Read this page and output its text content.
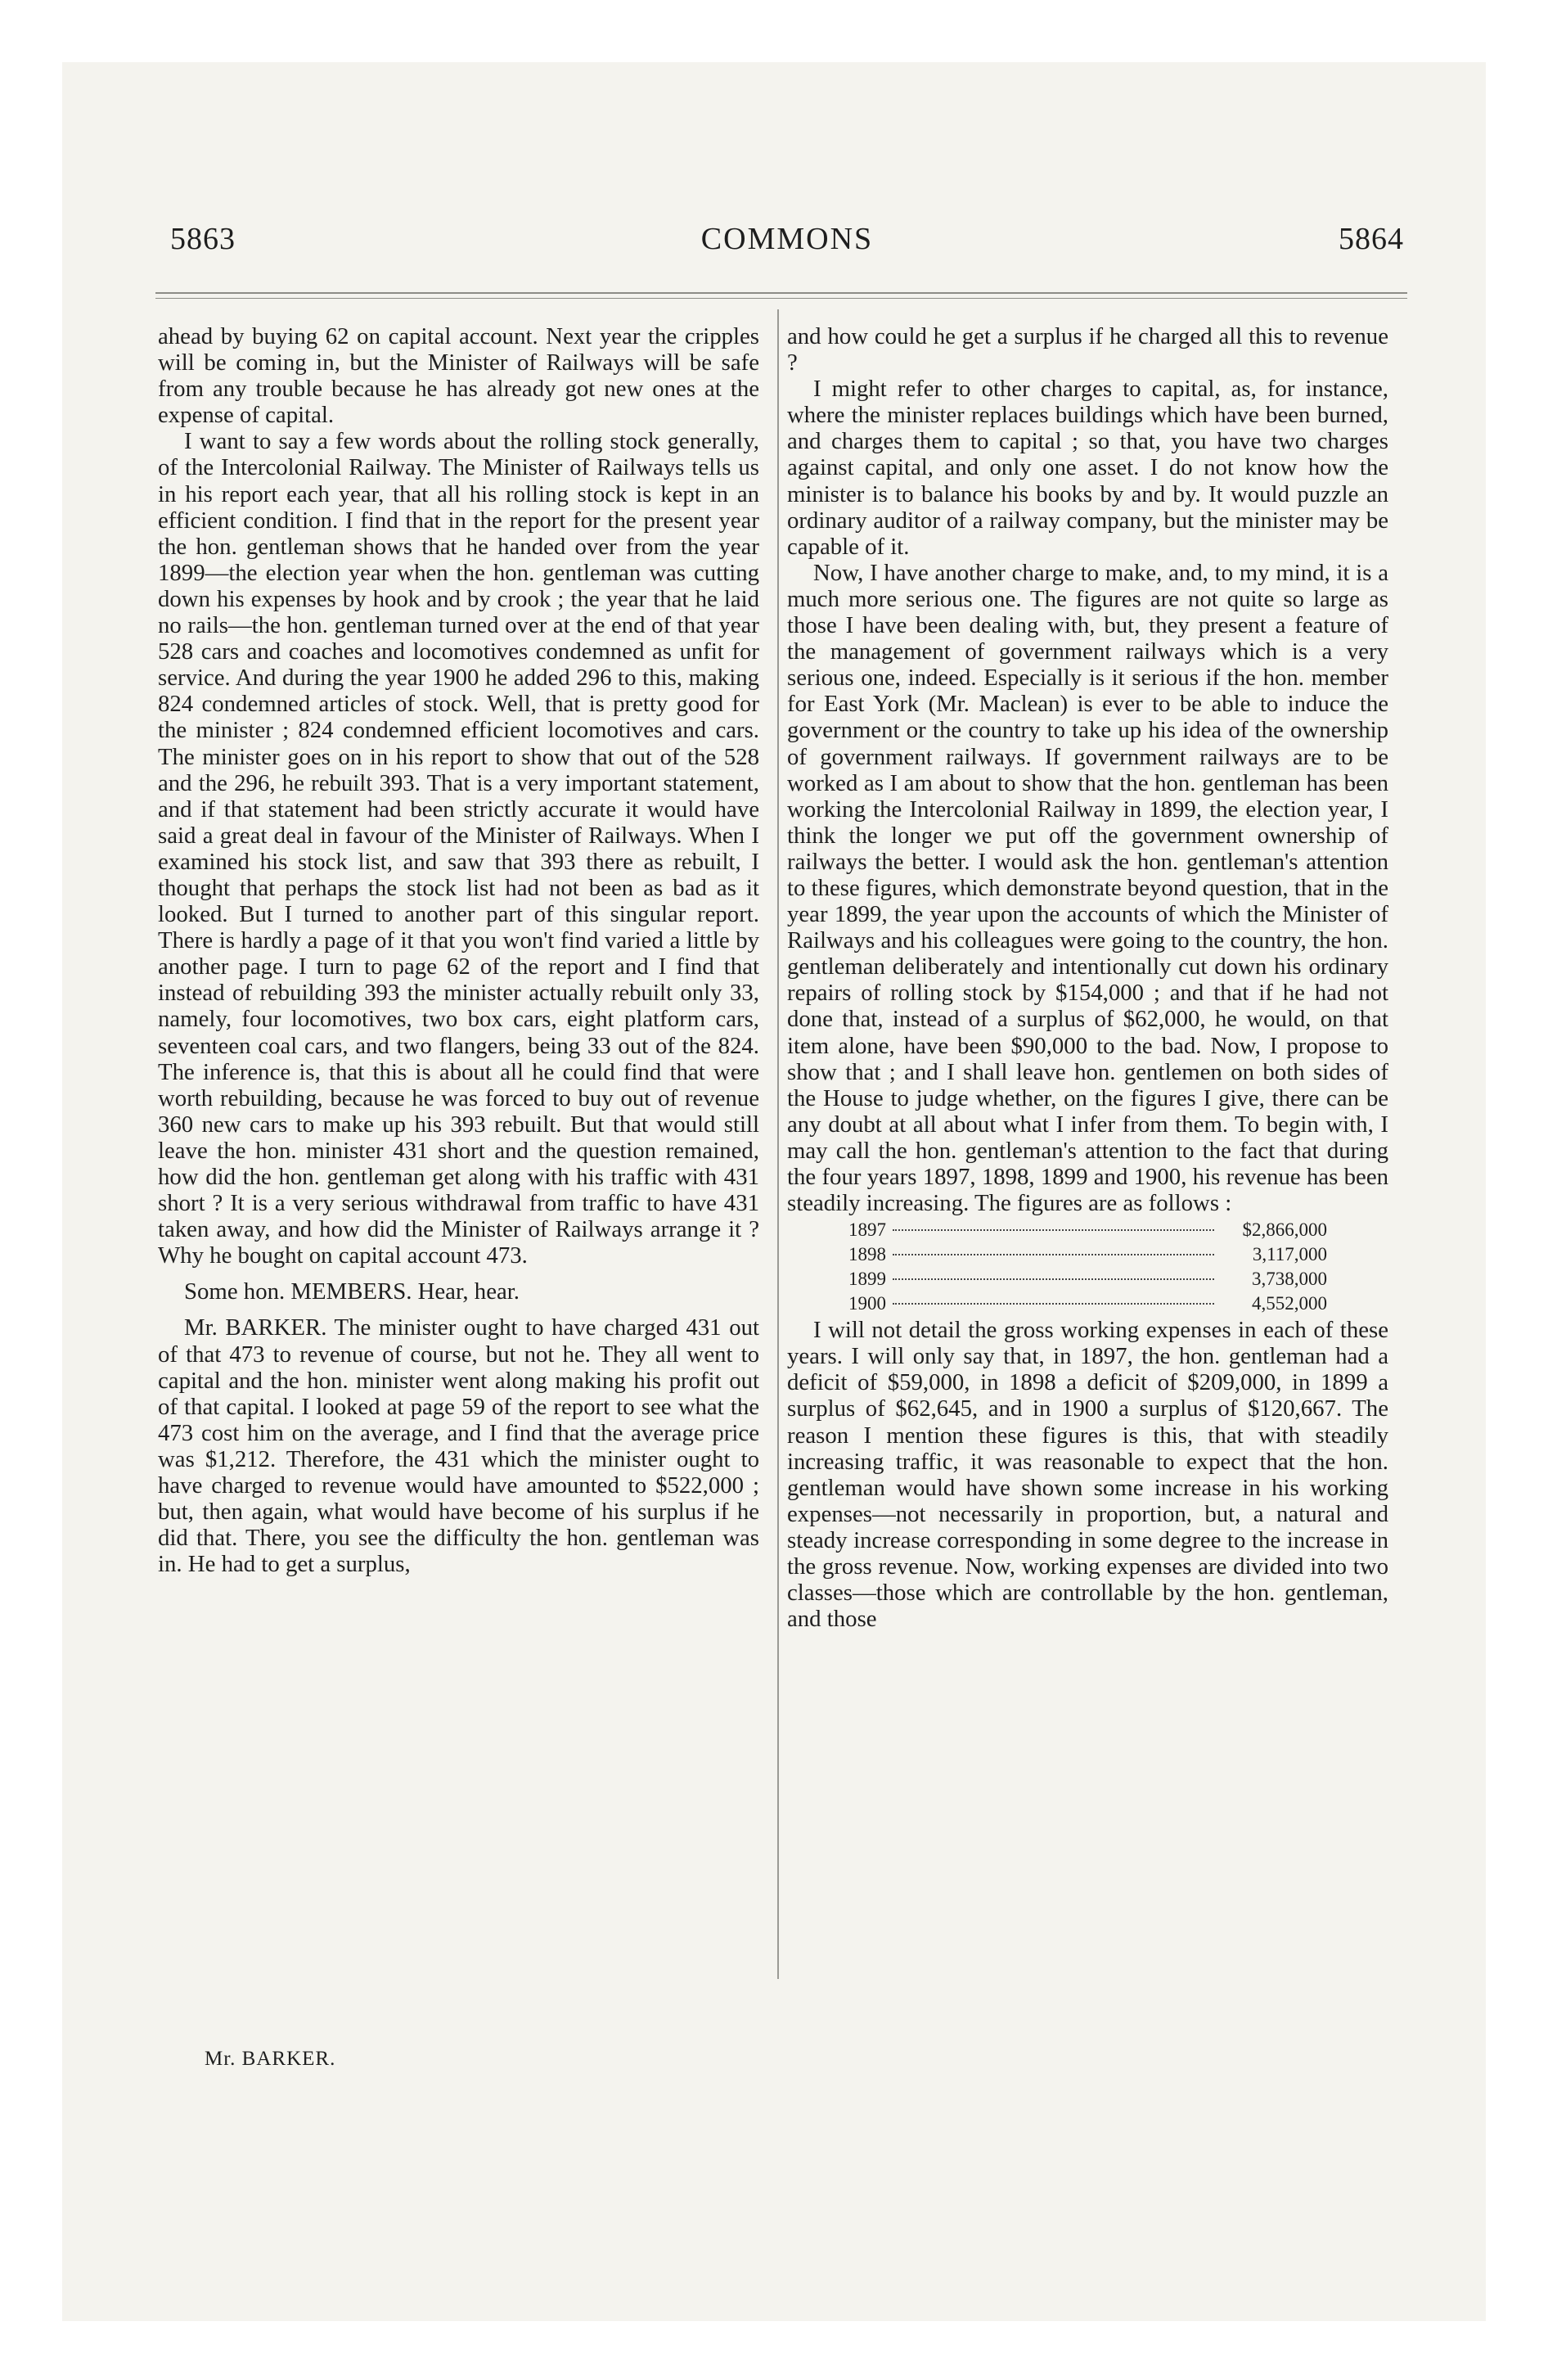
5863	COMMONS	5864

ahead by buying 62 on capital account. Next year the cripples will be coming in, but the Minister of Railways will be safe from any trouble because he has already got new ones at the expense of capital.

I want to say a few words about the rolling stock generally, of the Intercolonial Railway. The Minister of Railways tells us in his report each year, that all his rolling stock is kept in an efficient condition. I find that in the report for the present year the hon. gentleman shows that he handed over from the year 1899—the election year when the hon. gentleman was cutting down his expenses by hook and by crook ; the year that he laid no rails—the hon. gentleman turned over at the end of that year 528 cars and coaches and locomotives condemned as unfit for service. And during the year 1900 he added 296 to this, making 824 condemned articles of stock. Well, that is pretty good for the minister ; 824 condemned efficient locomotives and cars. The minister goes on in his report to show that out of the 528 and the 296, he rebuilt 393. That is a very important statement, and if that statement had been strictly accurate it would have said a great deal in favour of the Minister of Railways. When I examined his stock list, and saw that 393 there as rebuilt, I thought that perhaps the stock list had not been as bad as it looked. But I turned to another part of this singular report. There is hardly a page of it that you won't find varied a little by another page. I turn to page 62 of the report and I find that instead of rebuilding 393 the minister actually rebuilt only 33, namely, four locomotives, two box cars, eight platform cars, seventeen coal cars, and two flangers, being 33 out of the 824. The inference is, that this is about all he could find that were worth rebuilding, because he was forced to buy out of revenue 360 new cars to make up his 393 rebuilt. But that would still leave the hon. minister 431 short and the question remained, how did the hon. gentleman get along with his traffic with 431 short ? It is a very serious withdrawal from traffic to have 431 taken away, and how did the Minister of Railways arrange it ? Why he bought on capital account 473.

Some hon. MEMBERS. Hear, hear.

Mr. BARKER. The minister ought to have charged 431 out of that 473 to revenue of course, but not he. They all went to capital and the hon. minister went along making his profit out of that capital. I looked at page 59 of the report to see what the 473 cost him on the average, and I find that the average price was $1,212. Therefore, the 431 which the minister ought to have charged to revenue would have amounted to $522,000 ; but, then again, what would have become of his surplus if he did that. There, you see the difficulty the hon. gentleman was in. He had to get a surplus,

and how could he get a surplus if he charged all this to revenue ?

I might refer to other charges to capital, as, for instance, where the minister replaces buildings which have been burned, and charges them to capital ; so that, you have two charges against capital, and only one asset. I do not know how the minister is to balance his books by and by. It would puzzle an ordinary auditor of a railway company, but the minister may be capable of it.

Now, I have another charge to make, and, to my mind, it is a much more serious one. The figures are not quite so large as those I have been dealing with, but, they present a feature of the management of government railways which is a very serious one, indeed. Especially is it serious if the hon. member for East York (Mr. Maclean) is ever to be able to induce the government or the country to take up his idea of the ownership of government railways. If government railways are to be worked as I am about to show that the hon. gentleman has been working the Intercolonial Railway in 1899, the election year, I think the longer we put off the government ownership of railways the better. I would ask the hon. gentleman's attention to these figures, which demonstrate beyond question, that in the year 1899, the year upon the accounts of which the Minister of Railways and his colleagues were going to the country, the hon. gentleman deliberately and intentionally cut down his ordinary repairs of rolling stock by $154,000 ; and that if he had not done that, instead of a surplus of $62,000, he would, on that item alone, have been $90,000 to the bad. Now, I propose to show that ; and I shall leave hon. gentlemen on both sides of the House to judge whether, on the figures I give, there can be any doubt at all about what I infer from them. To begin with, I may call the hon. gentleman's attention to the fact that during the four years 1897, 1898, 1899 and 1900, his revenue has been steadily increasing. The figures are as follows :

1897	$2,866,000
1898	3,117,000
1899	3,738,000
1900	4,552,000

I will not detail the gross working expenses in each of these years. I will only say that, in 1897, the hon. gentleman had a deficit of $59,000, in 1898 a deficit of $209,000, in 1899 a surplus of $62,645, and in 1900 a surplus of $120,667. The reason I mention these figures is this, that with steadily increasing traffic, it was reasonable to expect that the hon. gentleman would have shown some increase in his working expenses—not necessarily in proportion, but, a natural and steady increase corresponding in some degree to the increase in the gross revenue. Now, working expenses are divided into two classes—those which are controllable by the hon. gentleman, and those

Mr. BARKER.
